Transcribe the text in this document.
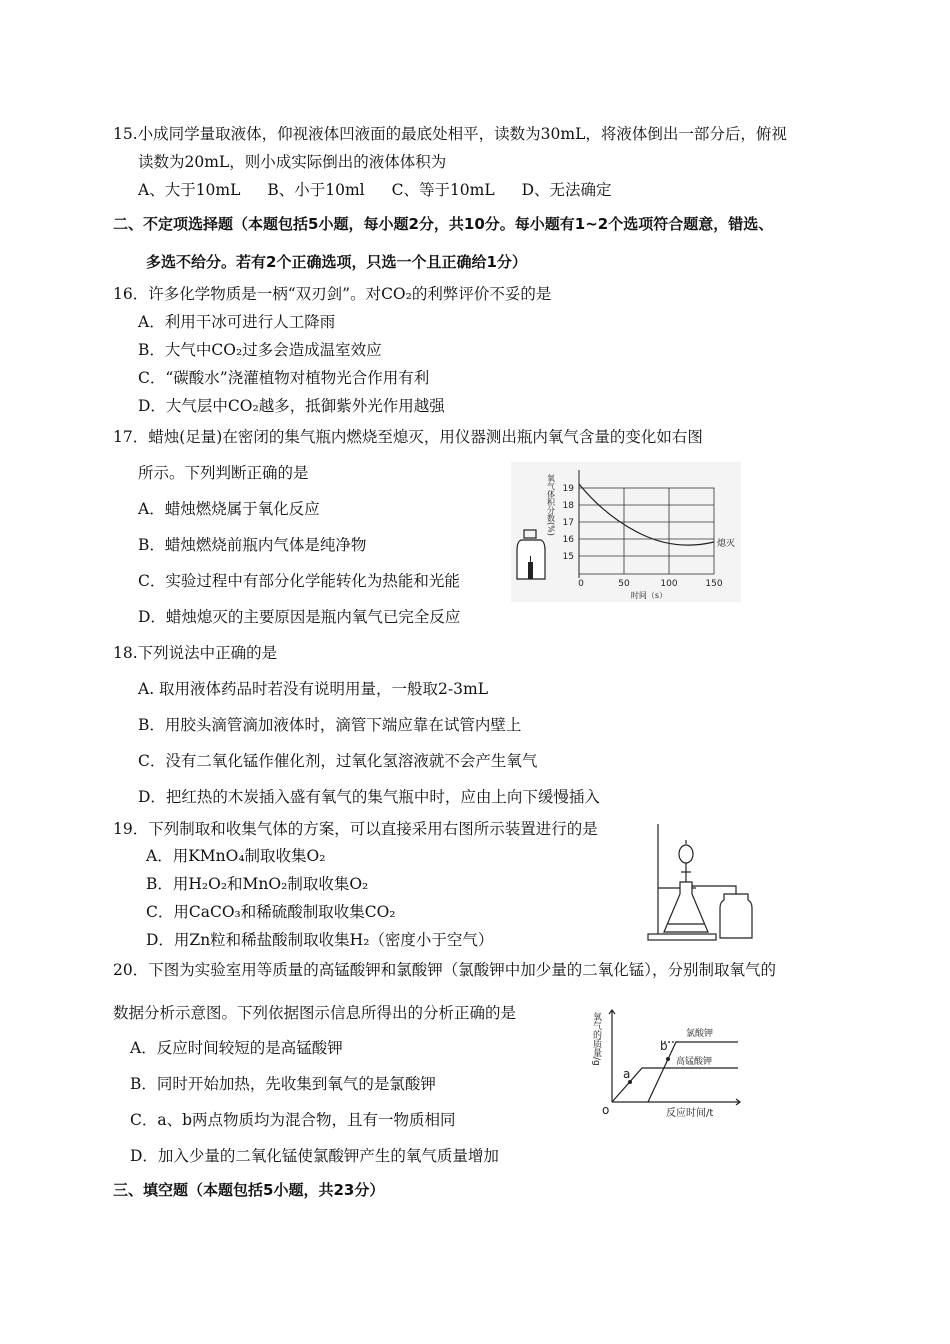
15.小成同学量取液体，仰视液体凹液面的最底处相平，读数为30mL，将液体倒出一部分后，俯视
读数为20mL，则小成实际倒出的液体体积为
A、大于10mL B、小于10ml C、等于10mL D、无法确定
二、不定项选择题（本题包括5小题，每小题2分，共10分。每小题有1~2个选项符合题意，错选、
多选不给分。若有2个正确选项，只选一个且正确给1分）
16．许多化学物质是一柄“双刃剑”。对CO₂的利弊评价不妥的是
A．利用干冰可进行人工降雨
B．大气中CO₂过多会造成温室效应
C．“碳酸水”浇灌植物对植物光合作用有利
D．大气层中CO₂越多，抵御紫外光作用越强
17．蜡烛(足量)在密闭的集气瓶内燃烧至熄灭，用仪器测出瓶内氧气含量的变化如右图
所示。下列判断正确的是
A．蜡烛燃烧属于氧化反应
B．蜡烛燃烧前瓶内气体是纯净物
C．实验过程中有部分化学能转化为热能和光能
D．蜡烛熄灭的主要原因是瓶内氧气已完全反应
氧气体积分数(%) 19
18
17
16
15
0	50	100	150
时间（s）
熄灭
18.下列说法中正确的是
A. 取用液体药品时若没有说明用量，一般取2-3mL
B．用胶头滴管滴加液体时，滴管下端应靠在试管内壁上
C．没有二氧化锰作催化剂，过氧化氢溶液就不会产生氧气
D．把红热的木炭插入盛有氧气的集气瓶中时，应由上向下缓慢插入
19．下列制取和收集气体的方案，可以直接采用右图所示装置进行的是
A．用KMnO₄制取收集O₂
B．用H₂O₂和MnO₂制取收集O₂
C．用CaCO₃和稀硫酸制取收集CO₂
D．用Zn粒和稀盐酸制取收集H₂（密度小于空气）
20．下图为实验室用等质量的高锰酸钾和氯酸钾（氯酸钾中加少量的二氧化锰），分别制取氧气的
数据分析示意图。下列依据图示信息所得出的分析正确的是
A．反应时间较短的是高锰酸钾
B．同时开始加热，先收集到氧气的是氯酸钾
C．a、b两点物质均为混合物，且有一物质相同
D．加入少量的二氧化锰使氯酸钾产生的氧气质量增加
氧气的质量/g
o	反应时间/t
a
b
氯酸钾
高锰酸钾
三、填空题（本题包括5小题，共23分）
